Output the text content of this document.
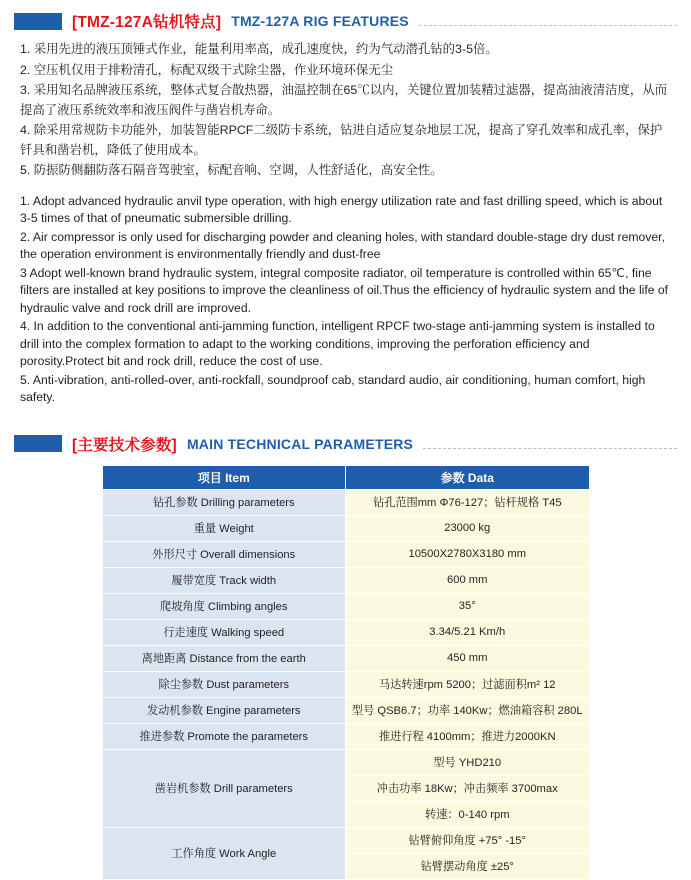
[TMZ-127A钻机特点] TMZ-127A RIG FEATURES
1. 采用先进的液压顶锤式作业，能量利用率高，成孔速度快，约为气动潜孔钻的3-5倍。
2. 空压机仅用于排粉清孔，标配双级干式除尘器，作业环境环保无尘
3. 采用知名品牌液压系统，整体式复合散热器，油温控制在65℃以内，关键位置加装精过滤器，提高油液清洁度，从而提高了液压系统效率和液压阀件与凿岩机寿命。
4. 除采用常规防卡功能外，加装智能RPCF二级防卡系统，钻进自适应复杂地层工况，提高了穿孔效率和成孔率，保护钎具和凿岩机，降低了使用成本。
5. 防振防侧翻防落石隔音驾驶室，标配音响、空调，人性舒适化，高安全性。
1. Adopt advanced hydraulic anvil type operation, with high energy utilization rate and fast drilling speed, which is about 3-5 times of that of pneumatic submersible drilling.
2. Air compressor is only used for discharging powder and cleaning holes, with standard double-stage dry dust remover, the operation environment is environmentally friendly and dust-free
3 Adopt well-known brand hydraulic system, integral composite radiator, oil temperature is controlled within 65℃, fine filters are installed at key positions to improve the cleanliness of oil.Thus the efficiency of hydraulic system and the life of hydraulic valve and rock drill are improved.
4. In addition to the conventional anti-jamming function, intelligent RPCF two-stage anti-jamming system is installed to drill into the complex formation to adapt to the working conditions, improving the perforation efficiency and porosity.Protect bit and rock drill, reduce the cost of use.
5. Anti-vibration, anti-rolled-over, anti-rockfall, soundproof cab, standard audio, air conditioning, human comfort, high safety.
[主要技术参数] MAIN TECHNICAL PARAMETERS
项目 Item	参数 Data
钻孔参数 Drilling parameters	钻孔范围mm Φ76-127；钻杆规格 T45
重量 Weight	23000 kg
外形尺寸 Overall dimensions	10500X2780X3180 mm
履带宽度 Track width	600 mm
爬坡角度 Climbing angles	35°
行走速度 Walking speed	3.34/5.21 Km/h
离地距离 Distance from the earth	450 mm
除尘参数 Dust parameters	马达转速rpm 5200；过滤面积m² 12
发动机参数 Engine parameters	型号 QSB6.7；功率 140Kw；燃油箱容积 280L
推进参数 Promote the parameters	推进行程 4100mm；推进力2000KN
凿岩机参数 Drill parameters	型号 YHD210
	冲击功率 18Kw；冲击频率 3700max
	转速：0-140 rpm
工作角度 Work Angle	钻臂俯仰角度 +75° -15°
	钻臂摆动角度 ±25°
